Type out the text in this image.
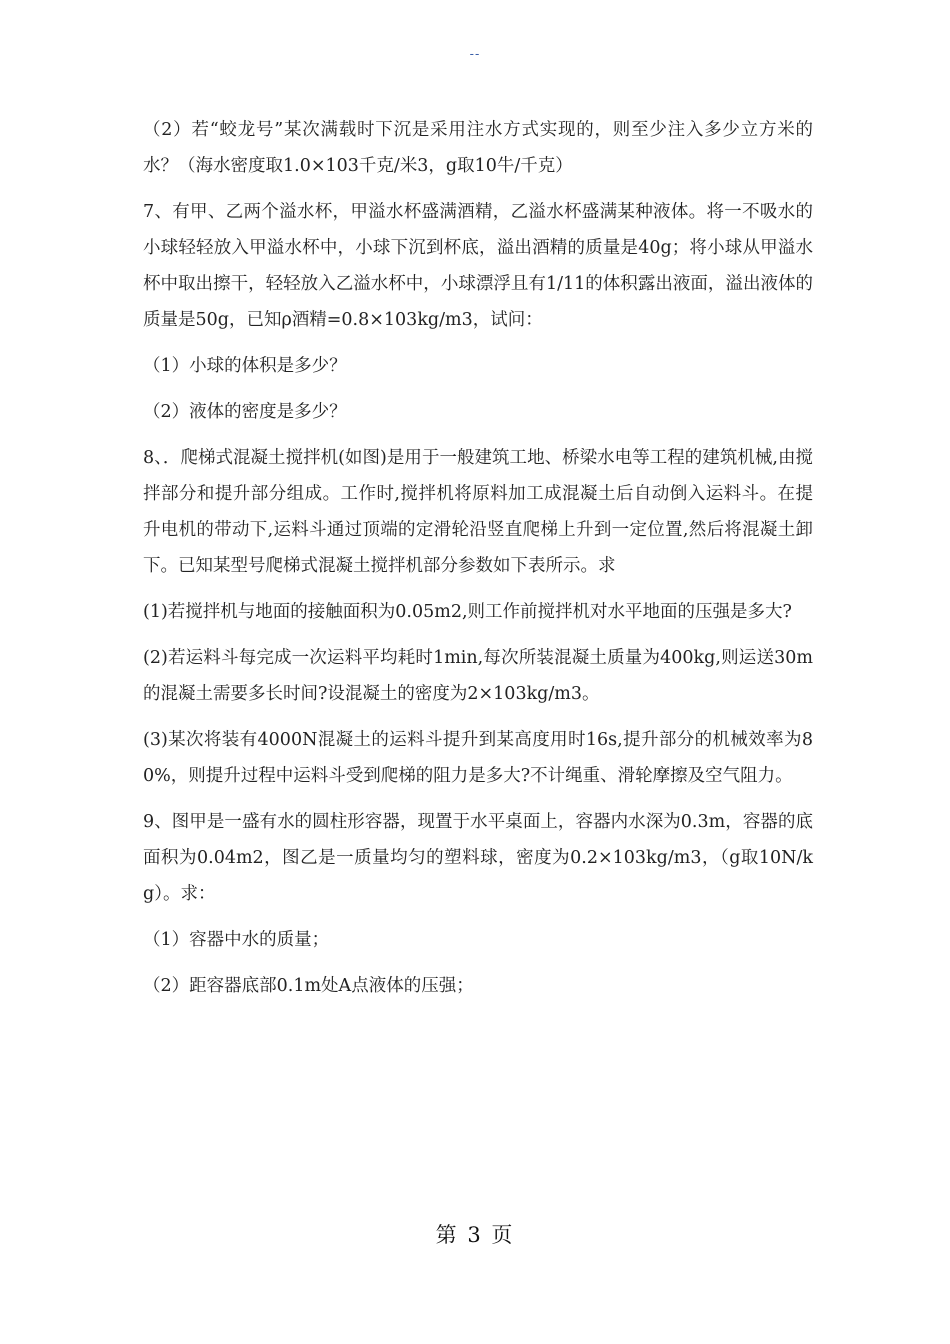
--

（2）若“蛟龙号”某次满载时下沉是采用注水方式实现的，则至少注入多少立方米的水？（海水密度取1.0×103千克/米3，g取10牛/千克）

7、有甲、乙两个溢水杯，甲溢水杯盛满酒精，乙溢水杯盛满某种液体。将一不吸水的小球轻轻放入甲溢水杯中，小球下沉到杯底，溢出酒精的质量是40g；将小球从甲溢水杯中取出擦干，轻轻放入乙溢水杯中，小球漂浮且有1/11的体积露出液面，溢出液体的质量是50g，已知ρ酒精=0.8×103kg/m3，试问：

（1）小球的体积是多少？

（2）液体的密度是多少？

8、．爬梯式混凝土搅拌机(如图)是用于一般建筑工地、桥梁水电等工程的建筑机械,由搅拌部分和提升部分组成。工作时,搅拌机将原料加工成混凝土后自动倒入运料斗。在提升电机的带动下,运料斗通过顶端的定滑轮沿竖直爬梯上升到一定位置,然后将混凝土卸下。已知某型号爬梯式混凝土搅拌机部分参数如下表所示。求

(1)若搅拌机与地面的接触面积为0.05m2,则工作前搅拌机对水平地面的压强是多大?

(2)若运料斗每完成一次运料平均耗时1min,每次所装混凝土质量为400kg,则运送30m的混凝土需要多长时间?设混凝土的密度为2×103kg/m3。

(3)某次将装有4000N混凝土的运料斗提升到某高度用时16s,提升部分的机械效率为80%，则提升过程中运料斗受到爬梯的阻力是多大?不计绳重、滑轮摩擦及空气阻力。

9、图甲是一盛有水的圆柱形容器，现置于水平桌面上，容器内水深为0.3m，容器的底面积为0.04m2，图乙是一质量均匀的塑料球，密度为0.2×103kg/m3，（g取10N/kg）。求：

（1）容器中水的质量；

（2）距容器底部0.1m处A点液体的压强；

第 3 页
